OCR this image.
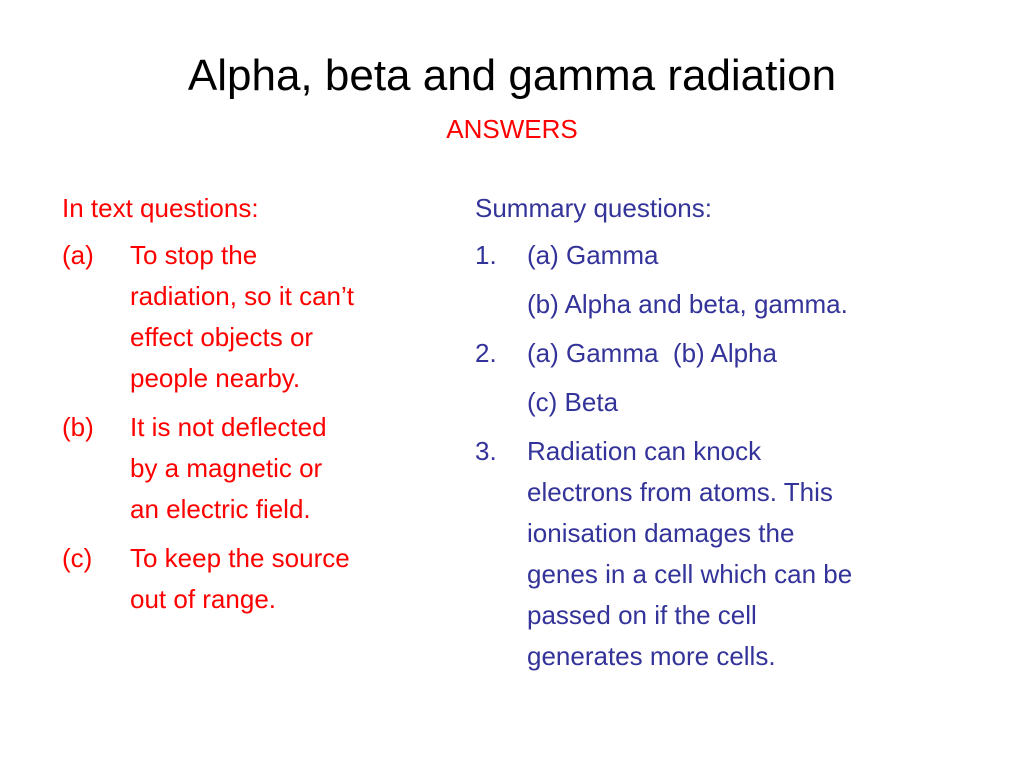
Alpha, beta and gamma radiation
ANSWERS
In text questions:
(a)	To stop the
radiation, so it can’t
effect objects or
people nearby.
(b)	It is not deflected
by a magnetic or
an electric field.
(c)	To keep the source
out of range.
Summary questions:
1.	(a) Gamma
(b) Alpha and beta, gamma.
2.	(a) Gamma  (b) Alpha
(c) Beta
3.	Radiation can knock
electrons from atoms. This
ionisation damages the
genes in a cell which can be
passed on if the cell
generates more cells.
